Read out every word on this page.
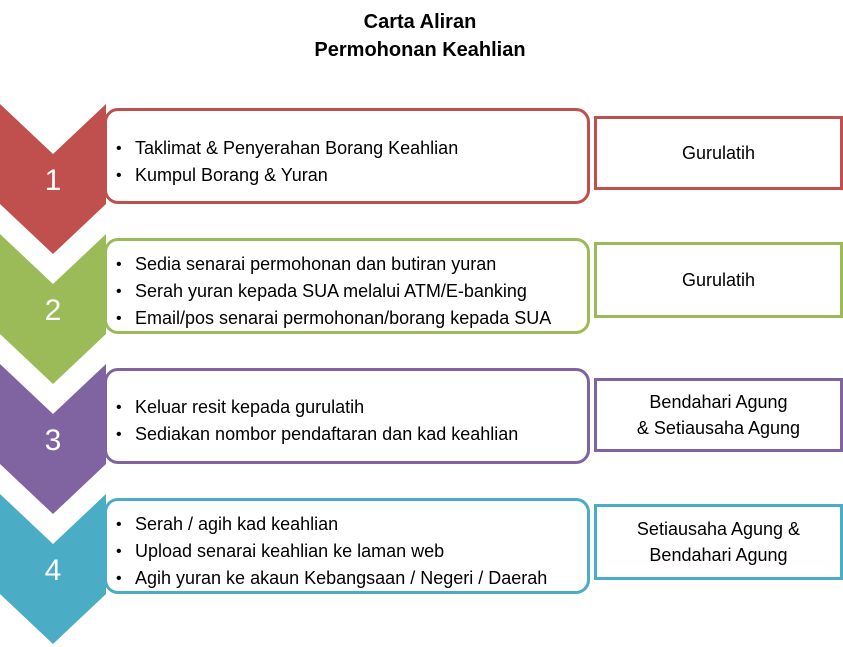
Carta Aliran
Permohonan Keahlian
1
• Taklimat & Penyerahan Borang Keahlian
• Kumpul Borang & Yuran
Gurulatih
2
• Sedia senarai permohonan dan butiran yuran
• Serah yuran kepada SUA melalui ATM/E-banking
• Email/pos senarai permohonan/borang kepada SUA
Gurulatih
3
• Keluar resit kepada gurulatih
• Sediakan nombor pendaftaran dan kad keahlian
Bendahari Agung
& Setiausaha Agung
4
• Serah / agih kad keahlian
• Upload senarai keahlian ke laman web
• Agih yuran ke akaun Kebangsaan / Negeri / Daerah
Setiausaha Agung &
Bendahari Agung
